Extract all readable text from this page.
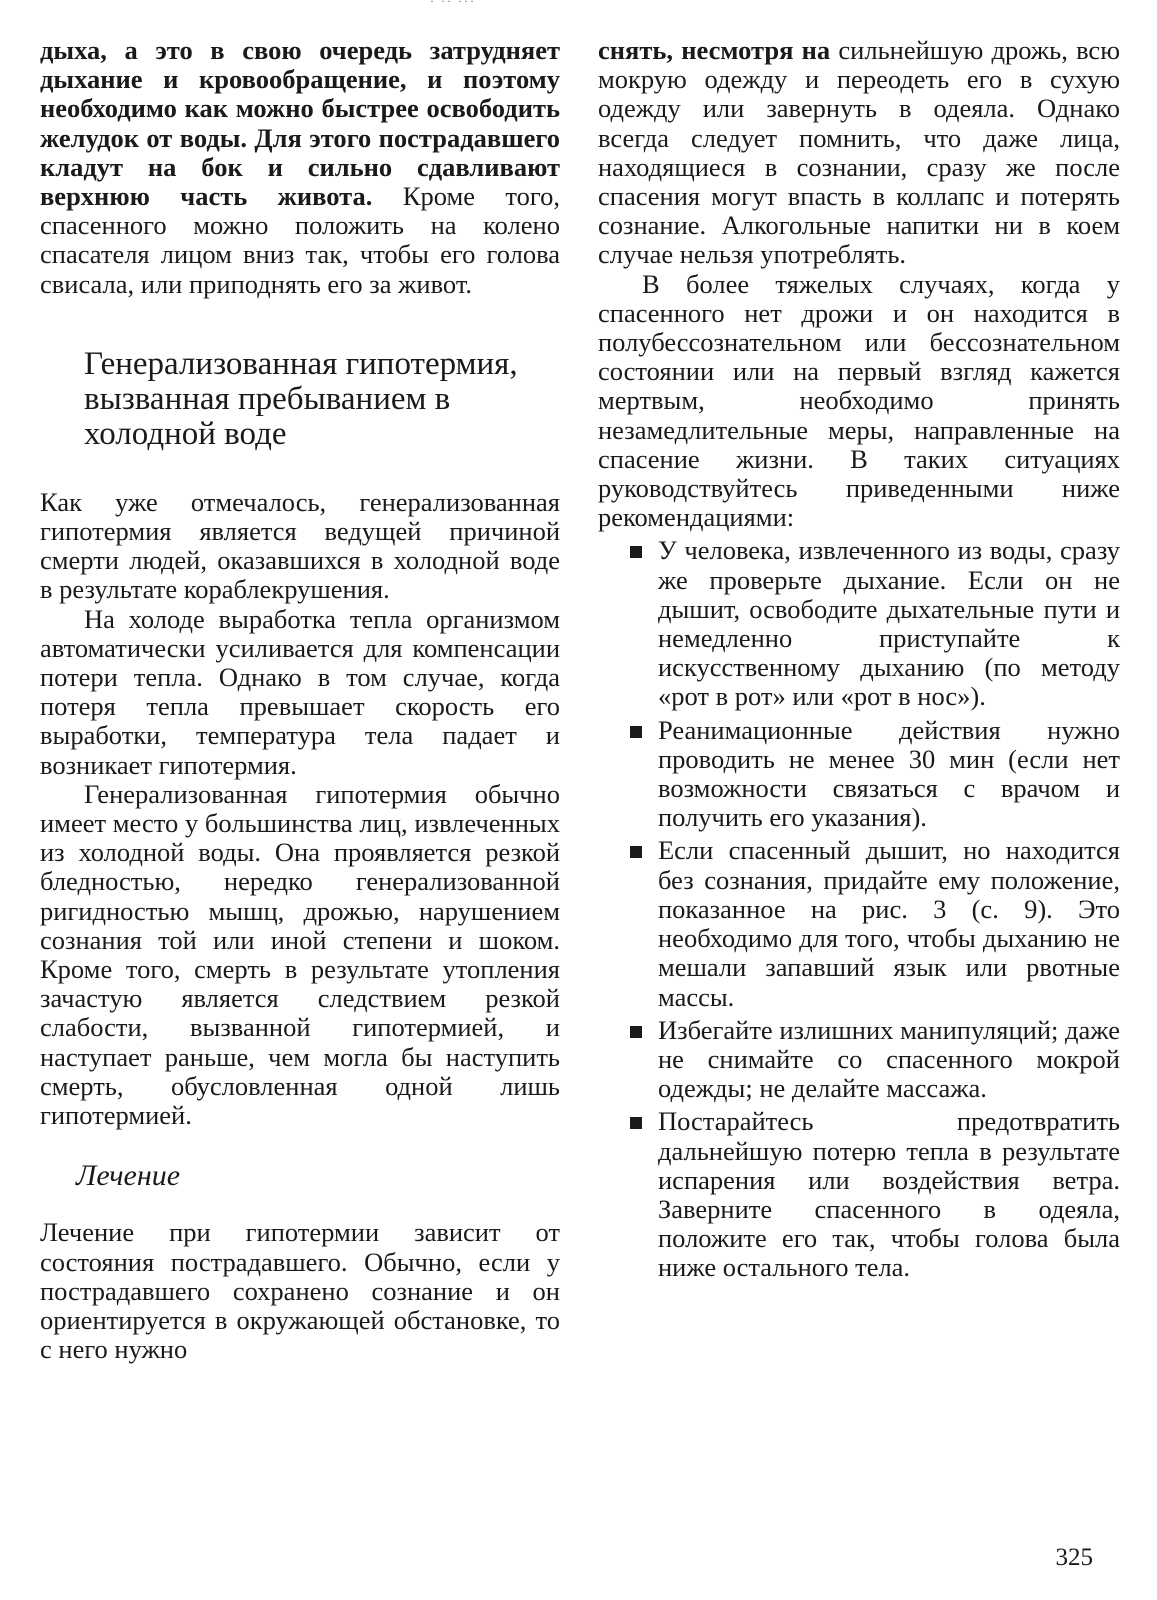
· ·· ···

дыха, а это в свою очередь затрудняет дыхание и кровообращение, и поэтому необходимо как можно быстрее освободить желудок от воды. Для этого пострадавшего кладут на бок и сильно сдавливают верхнюю часть живота. Кроме того, спасенного можно положить на колено спасателя лицом вниз так, чтобы его голова свисала, или приподнять его за живот.

Генерализованная гипотермия, вызванная пребыванием в холодной воде

Как уже отмечалось, генерализованная гипотермия является ведущей причиной смерти людей, оказавшихся в холодной воде в результате кораблекрушения.

На холоде выработка тепла организмом автоматически усиливается для компенсации потери тепла. Однако в том случае, когда потеря тепла превышает скорость его выработки, температура тела падает и возникает гипотермия.

Генерализованная гипотермия обычно имеет место у большинства лиц, извлеченных из холодной воды. Она проявляется резкой бледностью, нередко генерализованной ригидностью мышц, дрожью, нарушением сознания той или иной степени и шоком. Кроме того, смерть в результате утопления зачастую является следствием резкой слабости, вызванной гипотермией, и наступает раньше, чем могла бы наступить смерть, обусловленная одной лишь гипотермией.

Лечение

Лечение при гипотермии зависит от состояния пострадавшего. Обычно, если у пострадавшего сохранено сознание и он ориентируется в окружающей обстановке, то с него нужно

снять, несмотря на сильнейшую дрожь, всю мокрую одежду и переодеть его в сухую одежду или завернуть в одеяла. Однако всегда следует помнить, что даже лица, находящиеся в сознании, сразу же после спасения могут впасть в коллапс и потерять сознание. Алкогольные напитки ни в коем случае нельзя употреблять.

В более тяжелых случаях, когда у спасенного нет дрожи и он находится в полубессознательном или бессознательном состоянии или на первый взгляд кажется мертвым, необходимо принять незамедлительные меры, направленные на спасение жизни. В таких ситуациях руководствуйтесь приведенными ниже рекомендациями:

У человека, извлеченного из воды, сразу же проверьте дыхание. Если он не дышит, освободите дыхательные пути и немедленно приступайте к искусственному дыханию (по методу «рот в рот» или «рот в нос»).
Реанимационные действия нужно проводить не менее 30 мин (если нет возможности связаться с врачом и получить его указания).
Если спасенный дышит, но находится без сознания, придайте ему положение, показанное на рис. 3 (с. 9). Это необходимо для того, чтобы дыханию не мешали запавший язык или рвотные массы.
Избегайте излишних манипуляций; даже не снимайте со спасенного мокрой одежды; не делайте массажа.
Постарайтесь предотвратить дальнейшую потерю тепла в результате испарения или воздействия ветра. Заверните спасенного в одеяла, положите его так, чтобы голова была ниже остального тела.
325
